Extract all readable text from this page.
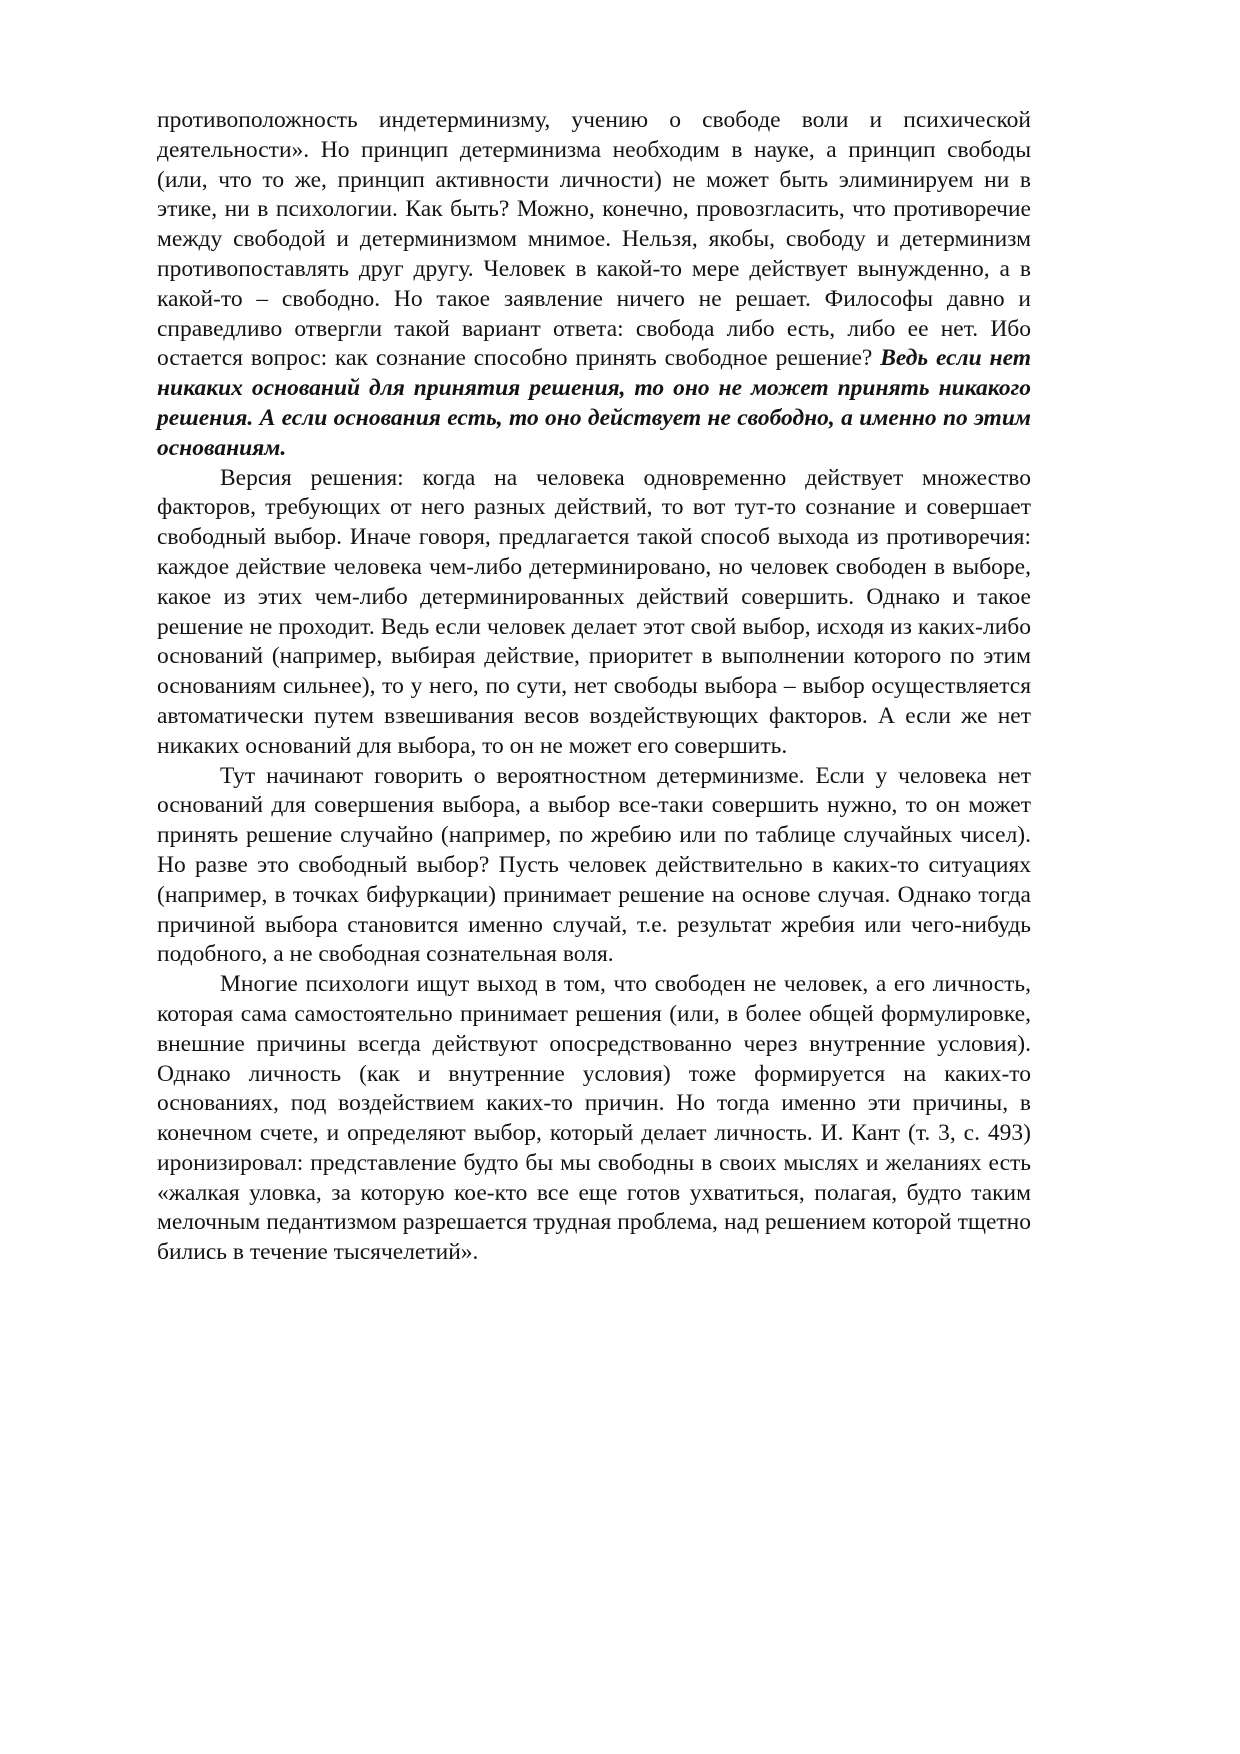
противоположность индетерминизму, учению о свободе воли и психической деятельности». Но принцип детерминизма необходим в науке, а принцип свободы (или, что то же, принцип активности личности) не может быть элиминируем ни в этике, ни в психологии. Как быть? Можно, конечно, провозгласить, что противоречие между свободой и детерминизмом мнимое. Нельзя, якобы, свободу и детерминизм противопоставлять друг другу. Человек в какой-то мере действует вынужденно, а в какой-то – свободно. Но такое заявление ничего не решает. Философы давно и справедливо отвергли такой вариант ответа: свобода либо есть, либо ее нет. Ибо остается вопрос: как сознание способно принять свободное решение? Ведь если нет никаких оснований для принятия решения, то оно не может принять никакого решения. А если основания есть, то оно действует не свободно, а именно по этим основаниям.

Версия решения: когда на человека одновременно действует множество факторов, требующих от него разных действий, то вот тут-то сознание и совершает свободный выбор. Иначе говоря, предлагается такой способ выхода из противоречия: каждое действие человека чем-либо детерминировано, но человек свободен в выборе, какое из этих чем-либо детерминированных действий совершить. Однако и такое решение не проходит. Ведь если человек делает этот свой выбор, исходя из каких-либо оснований (например, выбирая действие, приоритет в выполнении которого по этим основаниям сильнее), то у него, по сути, нет свободы выбора – выбор осуществляется автоматически путем взвешивания весов воздействующих факторов. А если же нет никаких оснований для выбора, то он не может его совершить.

Тут начинают говорить о вероятностном детерминизме. Если у человека нет оснований для совершения выбора, а выбор все-таки совершить нужно, то он может принять решение случайно (например, по жребию или по таблице случайных чисел). Но разве это свободный выбор? Пусть человек действительно в каких-то ситуациях (например, в точках бифуркации) принимает решение на основе случая. Однако тогда причиной выбора становится именно случай, т.е. результат жребия или чего-нибудь подобного, а не свободная сознательная воля.

Многие психологи ищут выход в том, что свободен не человек, а его личность, которая сама самостоятельно принимает решения (или, в более общей формулировке, внешние причины всегда действуют опосредствованно через внутренние условия). Однако личность (как и внутренние условия) тоже формируется на каких-то основаниях, под воздействием каких-то причин. Но тогда именно эти причины, в конечном счете, и определяют выбор, который делает личность. И. Кант (т. 3, с. 493) иронизировал: представление будто бы мы свободны в своих мыслях и желаниях есть «жалкая уловка, за которую кое-кто все еще готов ухватиться, полагая, будто таким мелочным педантизмом разрешается трудная проблема, над решением которой тщетно бились в течение тысячелетий».
